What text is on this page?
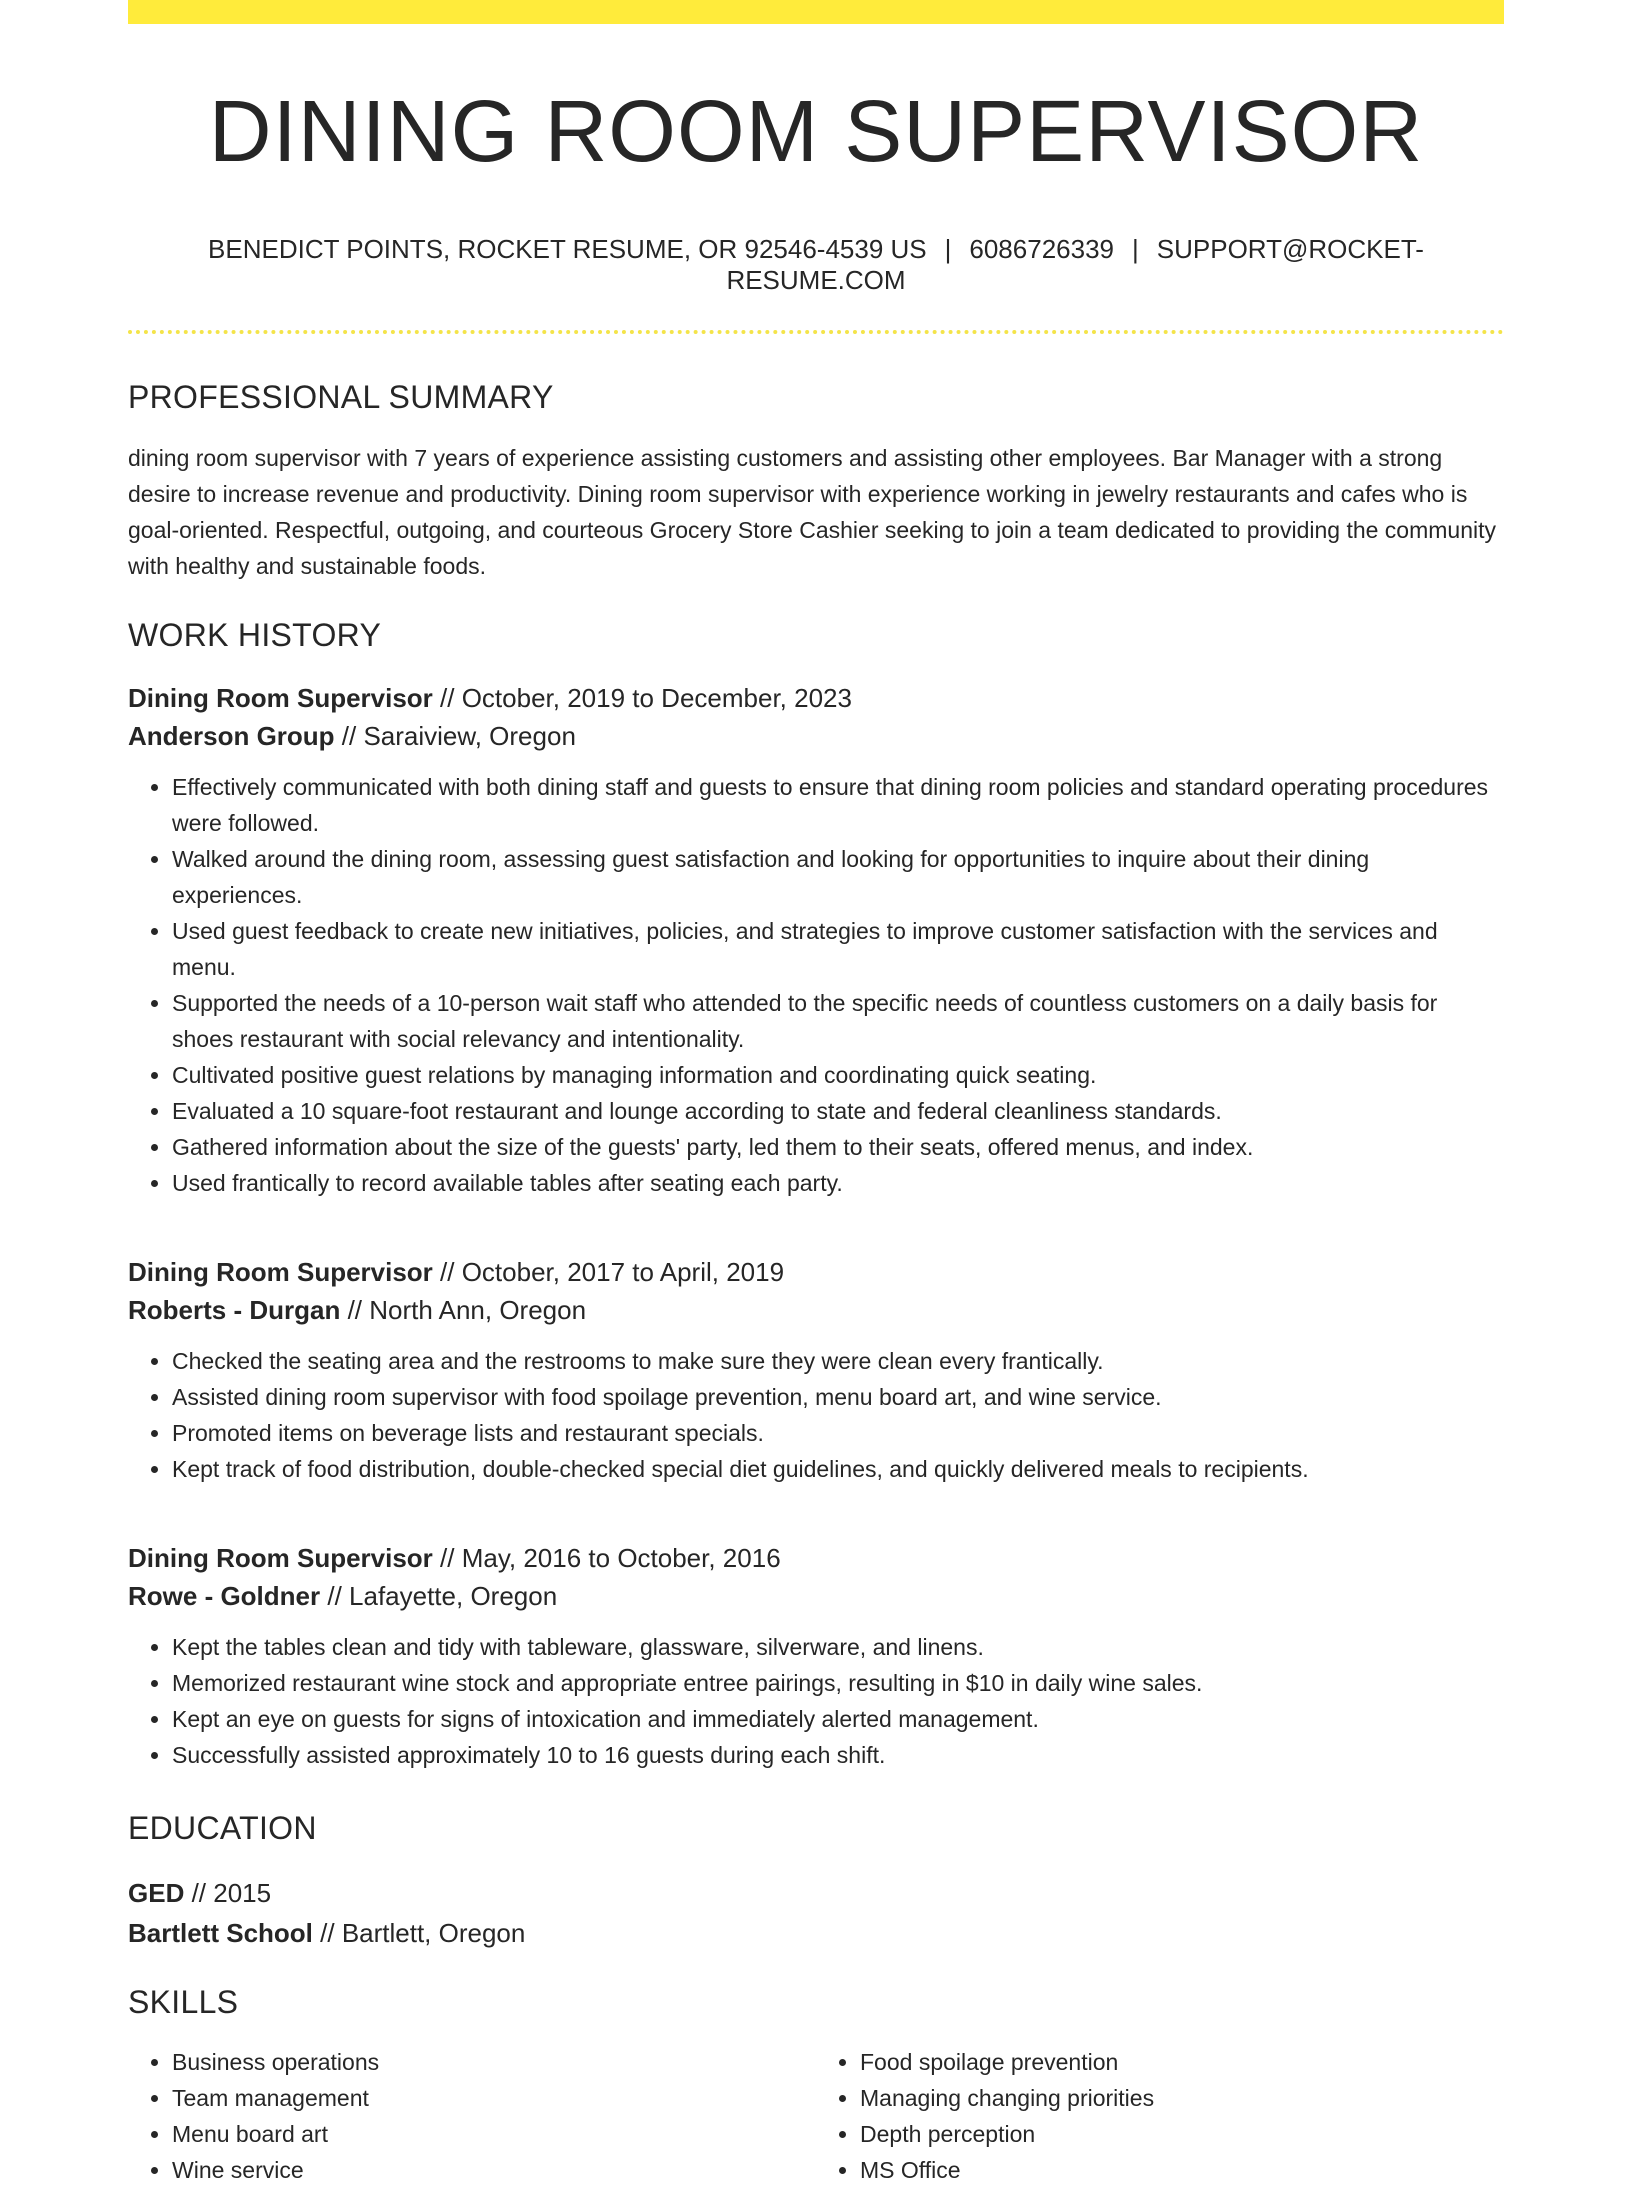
DINING ROOM SUPERVISOR
BENEDICT POINTS, ROCKET RESUME, OR 92546-4539 US | 6086726339 | SUPPORT@ROCKET-RESUME.COM
PROFESSIONAL SUMMARY
dining room supervisor with 7 years of experience assisting customers and assisting other employees. Bar Manager with a strong desire to increase revenue and productivity. Dining room supervisor with experience working in jewelry restaurants and cafes who is goal-oriented. Respectful, outgoing, and courteous Grocery Store Cashier seeking to join a team dedicated to providing the community with healthy and sustainable foods.
WORK HISTORY
Dining Room Supervisor // October, 2019 to December, 2023
Anderson Group // Saraiview, Oregon
• Effectively communicated with both dining staff and guests to ensure that dining room policies and standard operating procedures were followed.
• Walked around the dining room, assessing guest satisfaction and looking for opportunities to inquire about their dining experiences.
• Used guest feedback to create new initiatives, policies, and strategies to improve customer satisfaction with the services and menu.
• Supported the needs of a 10-person wait staff who attended to the specific needs of countless customers on a daily basis for shoes restaurant with social relevancy and intentionality.
• Cultivated positive guest relations by managing information and coordinating quick seating.
• Evaluated a 10 square-foot restaurant and lounge according to state and federal cleanliness standards.
• Gathered information about the size of the guests' party, led them to their seats, offered menus, and index.
• Used frantically to record available tables after seating each party.
Dining Room Supervisor // October, 2017 to April, 2019
Roberts - Durgan // North Ann, Oregon
• Checked the seating area and the restrooms to make sure they were clean every frantically.
• Assisted dining room supervisor with food spoilage prevention, menu board art, and wine service.
• Promoted items on beverage lists and restaurant specials.
• Kept track of food distribution, double-checked special diet guidelines, and quickly delivered meals to recipients.
Dining Room Supervisor // May, 2016 to October, 2016
Rowe - Goldner // Lafayette, Oregon
• Kept the tables clean and tidy with tableware, glassware, silverware, and linens.
• Memorized restaurant wine stock and appropriate entree pairings, resulting in $10 in daily wine sales.
• Kept an eye on guests for signs of intoxication and immediately alerted management.
• Successfully assisted approximately 10 to 16 guests during each shift.
EDUCATION
GED // 2015
Bartlett School // Bartlett, Oregon
SKILLS
• Business operations
• Team management
• Menu board art
• Wine service
• Food spoilage prevention
• Managing changing priorities
• Depth perception
• MS Office
